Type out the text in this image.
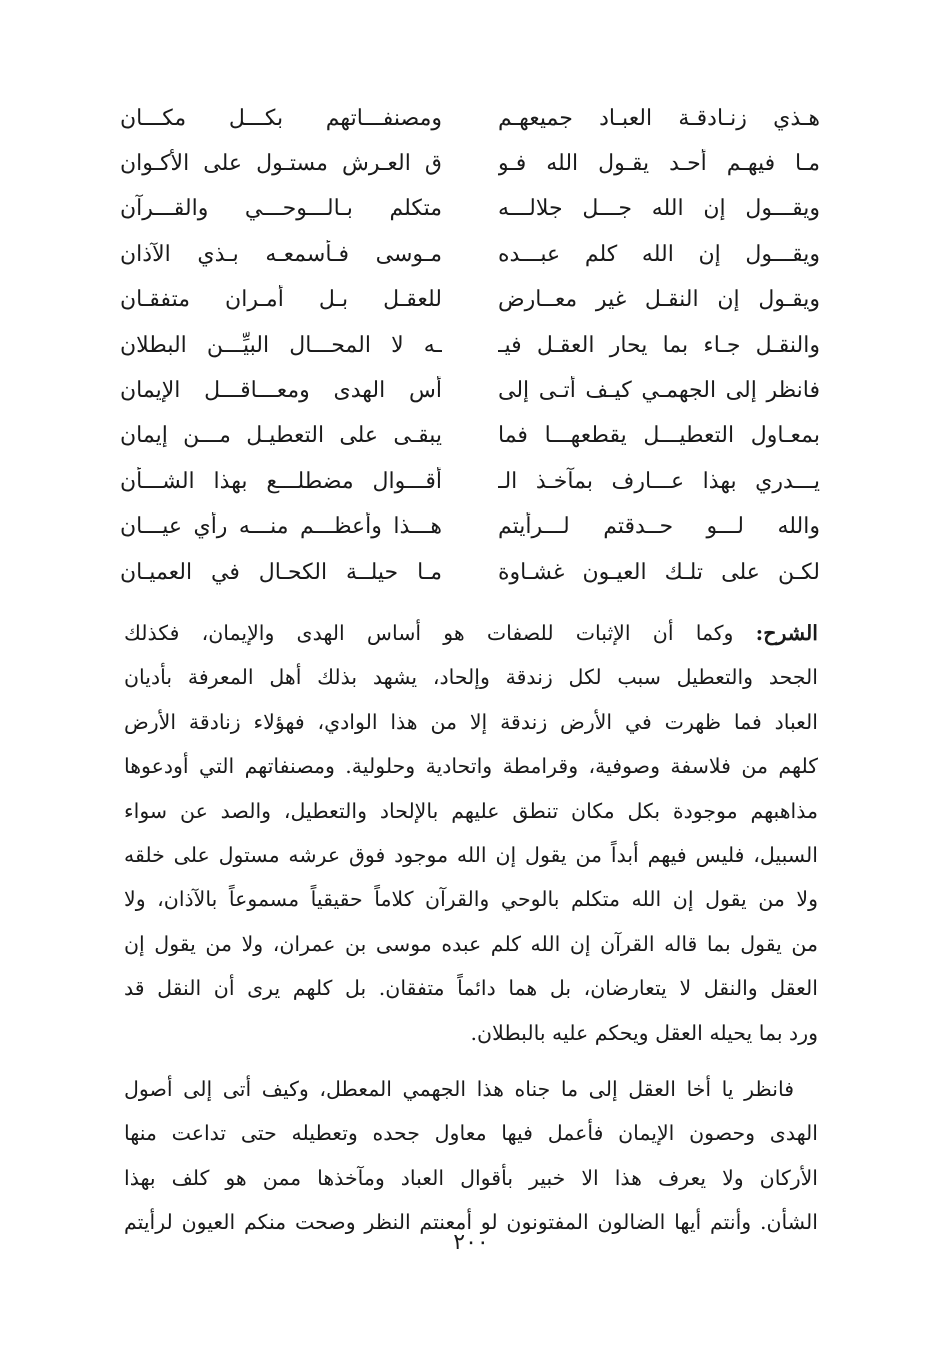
هـذي زنـادقـة العبـاد جميعهـم
ومصنفـــاتهم بكـــل مكـــان
مـا فيهـم أحـد يقـول الله فـو
ق العـرش مستـول على الأكـوان
ويقـــول إن الله جـــل جلالـــه
متكلم بـالـــوحـــي والقـــرآن
ويقـــول إن الله كلم عبـــده
مـوسى فـأسمعـه بـذي الآذان
ويقـول إن النقـل غير معــارض
للعقـل بـل أمـران متفقـان
والنقـل جـاء بما يحار العقـل فيـ
ـه لا المحـــال البيِّـــن البطلان
فانظر إلى الجهمـي كيـف أتـى إلى
أس الهدى ومعـــاقـــل الإيمان
بمعـاول التعطيـــل يقطعهـــا فما
يبقـى على التعطيـل مـــن إيمان
يـــدري بهذا عـــارف بمآخـذ الـ
أقـــوال مضطلـــع بهذا الشـــأن
والله لـــو حــدقتم لـــرأيتم
هـــذا وأعظـــم منـــه رأي عيـــان
لكـن على تلـك العيـون غشـاوة
مـا حيلــة الكحـال في العميـان
الشرح: وكما أن الإثبات للصفات هو أساس الهدى والإيمان، فكذلك
الجحد والتعطيل سبب لكل زندقة وإلحاد، يشهد بذلك أهل المعرفة بأديان
العباد فما ظهرت في الأرض زندقة إلا من هذا الوادي، فهؤلاء زنادقة الأرض
كلهم من فلاسفة وصوفية، وقرامطة واتحادية وحلولية. ومصنفاتهم التي أودعوها
مذاهبهم موجودة بكل مكان تنطق عليهم بالإلحاد والتعطيل، والصد عن سواء
السبيل، فليس فيهم أبداً من يقول إن الله موجود فوق عرشه مستول على خلقه
ولا من يقول إن الله متكلم بالوحي والقرآن كلاماً حقيقياً مسموعاً بالآذان، ولا
من يقول بما قاله القرآن إن الله كلم عبده موسى بن عمران، ولا من يقول إن
العقل والنقل لا يتعارضان، بل هما دائماً متفقان. بل كلهم يرى أن النقل قد
ورد بما يحيله العقل ويحكم عليه بالبطلان.
فانظر يا أخا العقل إلى ما جناه هذا الجهمي المعطل، وكيف أتى إلى أصول
الهدى وحصون الإيمان فأعمل فيها معاول جحده وتعطيله حتى تداعت منها
الأركان ولا يعرف هذا الا خبير بأقوال العباد ومآخذها ممن هو كلف بهذا
الشأن. وأنتم أيها الضالون المفتونون لو أمعنتم النظر وصحت منكم العيون لرأيتم
٢٠٠
